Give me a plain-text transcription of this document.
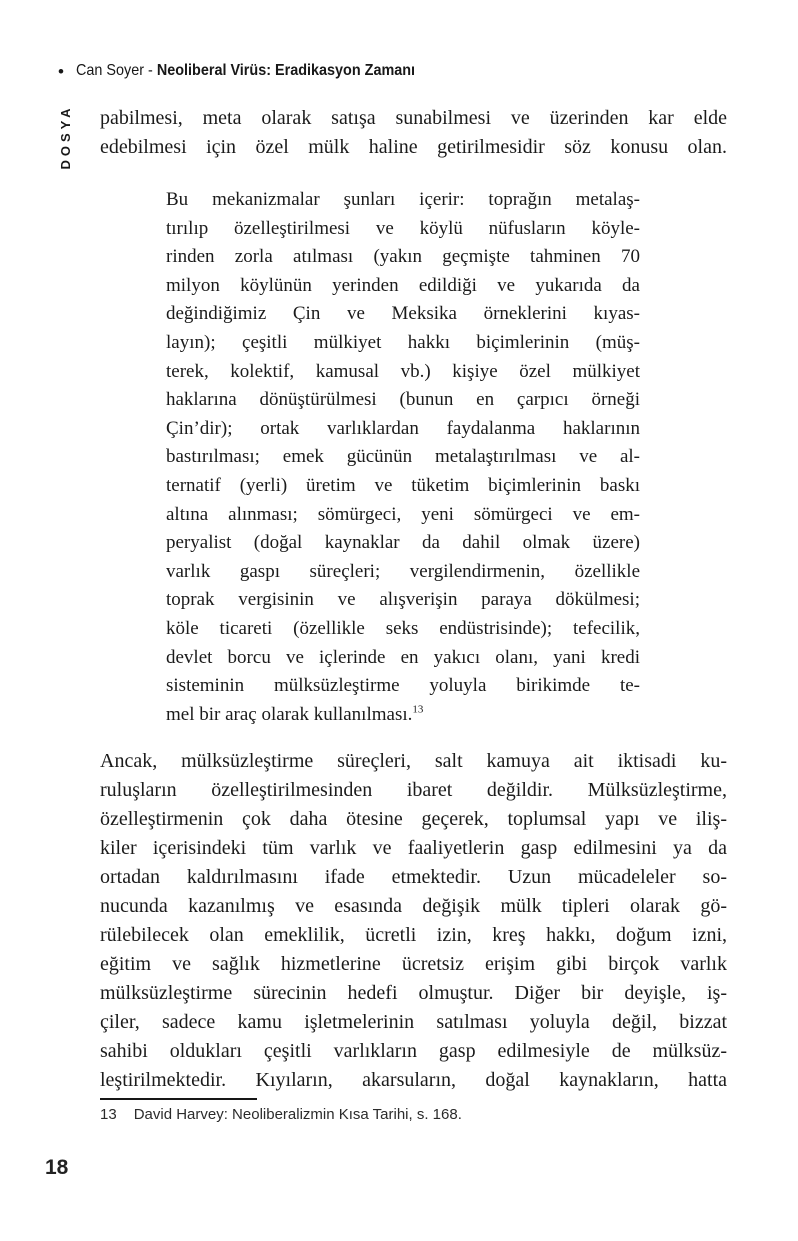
• Can Soyer - Neoliberal Virüs: Eradikasyon Zamanı
DOSYA pabilmesi, meta olarak satışa sunabilmesi ve üzerinden kar elde
edebilmesi için özel mülk haline getirilmesidir söz konusu olan.
Bu mekanizmalar şunları içerir: toprağın metalaş-
tırılıp özelleştirilmesi ve köylü nüfusların köyle-
rinden zorla atılması (yakın geçmişte tahminen 70
milyon köylünün yerinden edildiği ve yukarıda da
değindiğimiz Çin ve Meksika örneklerini kıyas-
layın); çeşitli mülkiyet hakkı biçimlerinin (müş-
terek, kolektif, kamusal vb.) kişiye özel mülkiyet
haklarına dönüştürülmesi (bunun en çarpıcı örneği
Çin’dir); ortak varlıklardan faydalanma haklarının
bastırılması; emek gücünün metalaştırılması ve al-
ternatif (yerli) üretim ve tüketim biçimlerinin baskı
altına alınması; sömürgeci, yeni sömürgeci ve em-
peryalist (doğal kaynaklar da dahil olmak üzere)
varlık gaspı süreçleri; vergilendirmenin, özellikle
toprak vergisinin ve alışverişin paraya dökülmesi;
köle ticareti (özellikle seks endüstrisinde); tefecilik,
devlet borcu ve içlerinde en yakıcı olanı, yani kredi
sisteminin mülksüzleştirme yoluyla birikimde te-
mel bir araç olarak kullanılması.$^{13}$
Ancak, mülksüzleştirme süreçleri, salt kamuya ait iktisadi ku-
ruluşların özelleştirilmesinden ibaret değildir. Mülksüzleştirme,
özelleştirmenin çok daha ötesine geçerek, toplumsal yapı ve iliş-
kiler içerisindeki tüm varlık ve faaliyetlerin gasp edilmesini ya da
ortadan kaldırılmasını ifade etmektedir. Uzun mücadeleler so-
nucunda kazanılmış ve esasında değişik mülk tipleri olarak gö-
rülebilecek olan emeklilik, ücretli izin, kreş hakkı, doğum izni,
eğitim ve sağlık hizmetlerine ücretsiz erişim gibi birçok varlık
mülksüzleştirme sürecinin hedefi olmuştur. Diğer bir deyişle, iş-
çiler, sadece kamu işletmelerinin satılması yoluyla değil, bizzat
sahibi oldukları çeşitli varlıkların gasp edilmesiyle de mülksüz-
leştirilmektedir. Kıyıların, akarsuların, doğal kaynakların, hatta
13 David Harvey: Neoliberalizmin Kısa Tarihi, s. 168.
18
